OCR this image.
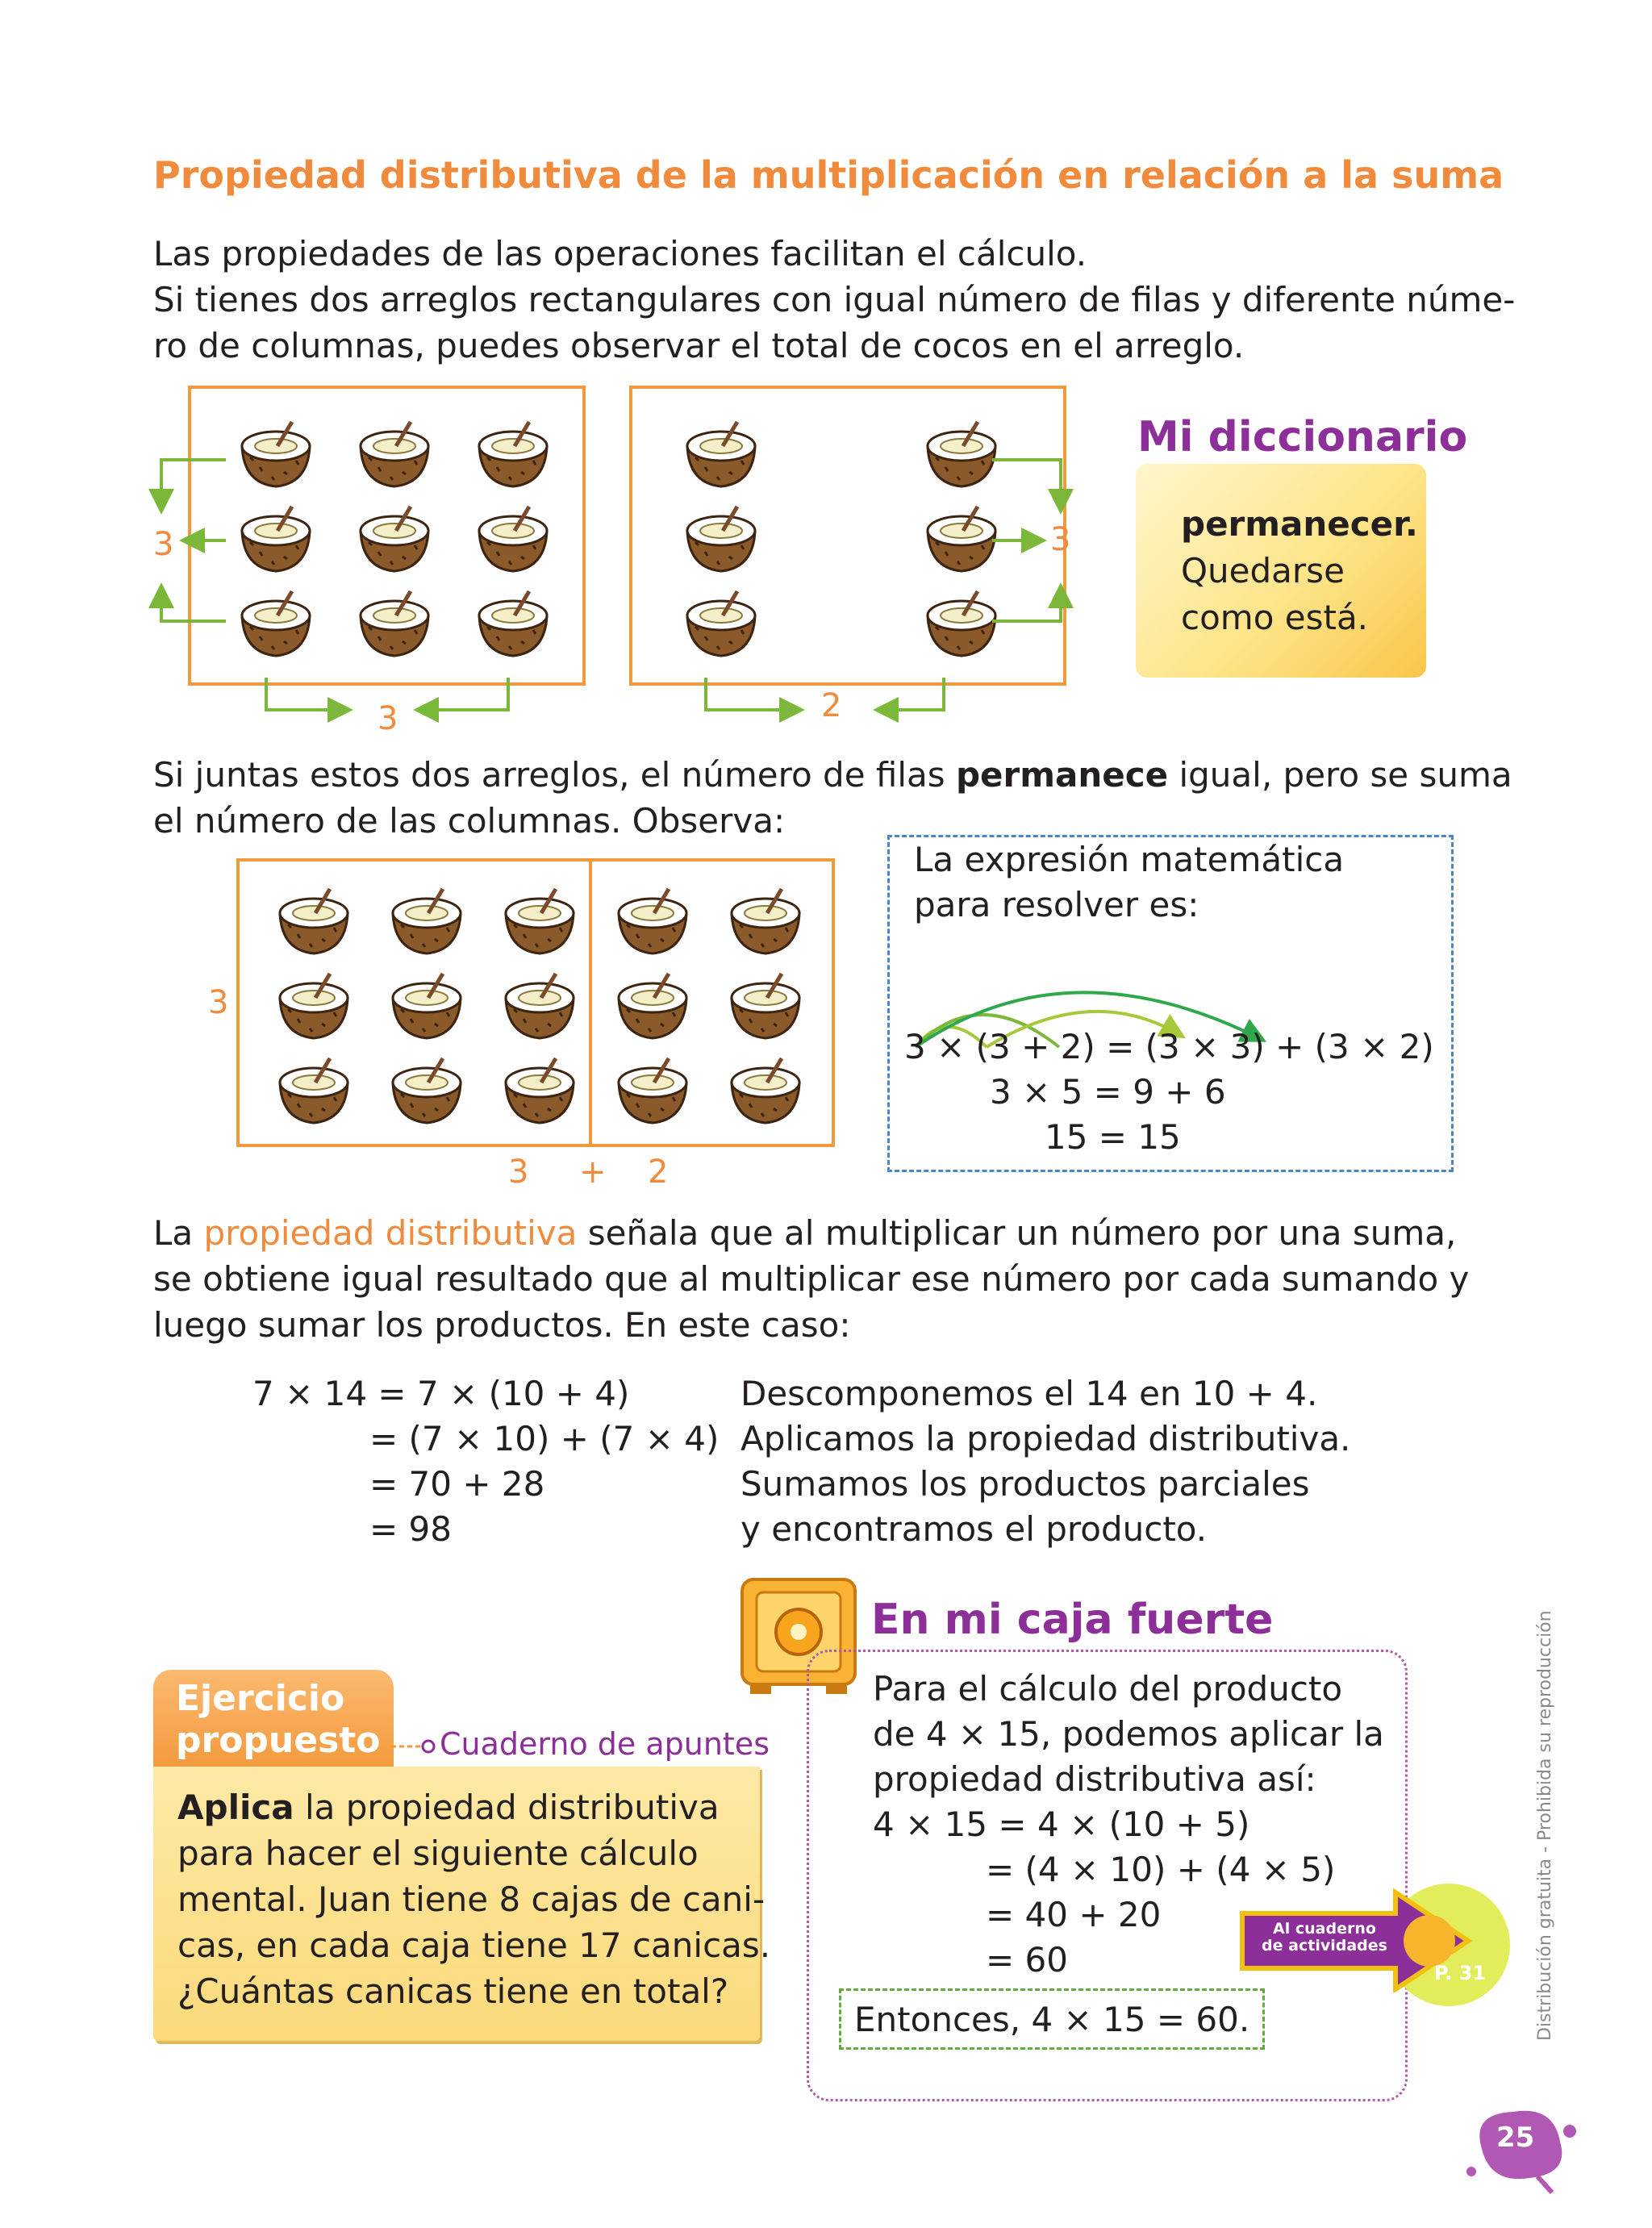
Propiedad distributiva de la multiplicación en relación a la suma
Las propiedades de las operaciones facilitan el cálculo.
Si tienes dos arreglos rectangulares con igual número de filas y diferente núme-
ro de columnas, puedes observar el total de cocos en el arreglo.
3
3
3
2
Mi diccionario
permanecer.
Quedarse
como está.
Si juntas estos dos arreglos, el número de filas permanece igual, pero se suma
el número de las columnas. Observa:
3
3 + 2
La expresión matemática
para resolver es:
3 × (3 + 2) = (3 × 3) + (3 × 2)
3 × 5 = 9 + 6
15 = 15
La propiedad distributiva señala que al multiplicar un número por una suma,
se obtiene igual resultado que al multiplicar ese número por cada sumando y
luego sumar los productos. En este caso:
7 × 14 = 7 × (10 + 4)
= (7 × 10) + (7 × 4)
= 70 + 28
= 98
Descomponemos el 14 en 10 + 4.
Aplicamos la propiedad distributiva.
Sumamos los productos parciales
y encontramos el producto.
Ejercicio
propuesto	Cuaderno de apuntes
Aplica la propiedad distributiva
para hacer el siguiente cálculo
mental. Juan tiene 8 cajas de cani-
cas, en cada caja tiene 17 canicas.
¿Cuántas canicas tiene en total?
En mi caja fuerte
Para el cálculo del producto
de 4 × 15, podemos aplicar la
propiedad distributiva así:
4 × 15 = 4 × (10 + 5)
= (4 × 10) + (4 × 5)
= 40 + 20
= 60
Entonces, 4 × 15 = 60.
Al cuaderno
de actividades
P. 31	Distribución gratuita - Prohibida su reproducción
25
